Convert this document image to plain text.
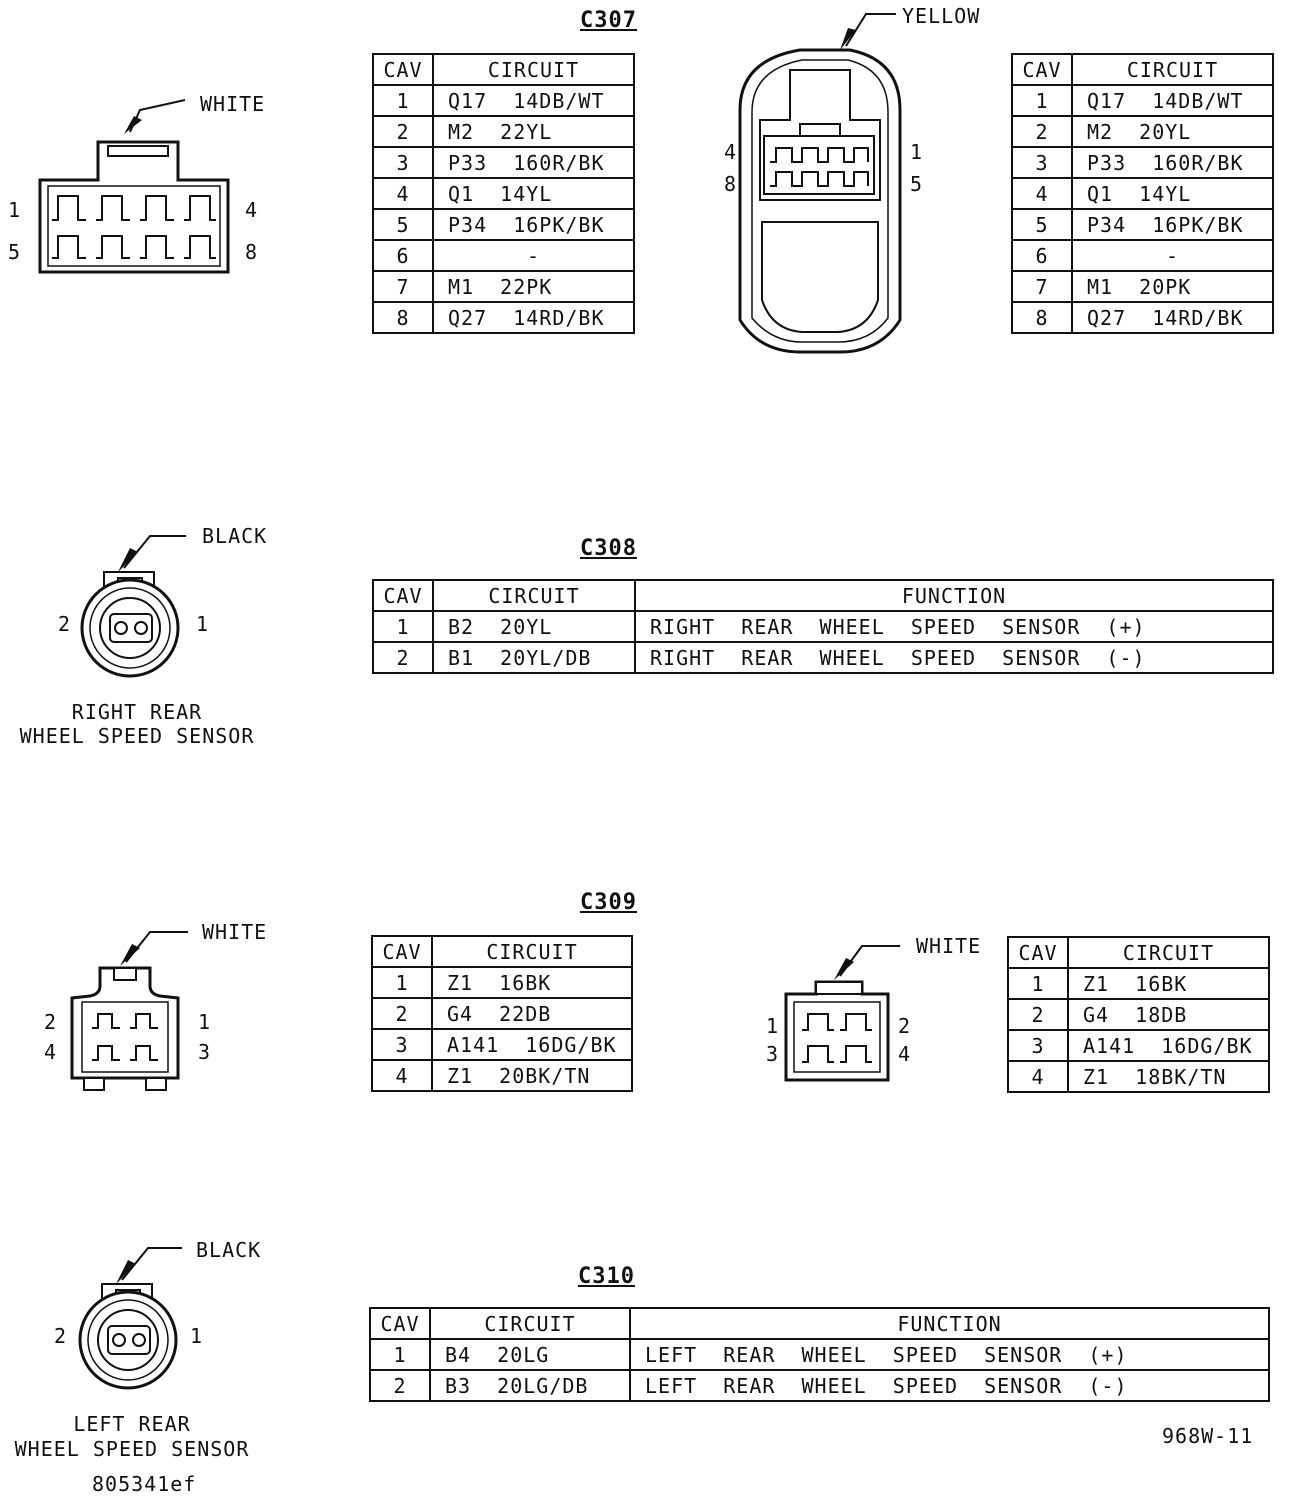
C307
WHITE
1	4
5	8
CAV	CIRCUIT
1	Q17  14DB/WT
2	M2  22YL
3	P33  160R/BK
4	Q1  14YL
5	P34  16PK/BK
6	-
7	M1  22PK
8	Q27  14RD/BK
YELLOW
4	1
8	5
CAV	CIRCUIT
1	Q17  14DB/WT
2	M2  20YL
3	P33  160R/BK
4	Q1  14YL
5	P34  16PK/BK
6	-
7	M1  20PK
8	Q27  14RD/BK
C308
BLACK
2	1
RIGHT REAR
WHEEL SPEED SENSOR
CAV	CIRCUIT	FUNCTION
1	B2  20YL	RIGHT  REAR  WHEEL  SPEED  SENSOR  (+)
2	B1  20YL/DB	RIGHT  REAR  WHEEL  SPEED  SENSOR  (-)
C309
WHITE
2	1
4	3
CAV	CIRCUIT
1	Z1  16BK
2	G4  22DB
3	A141  16DG/BK
4	Z1  20BK/TN
WHITE
1	2
3	4
CAV	CIRCUIT
1	Z1  16BK
2	G4  18DB
3	A141  16DG/BK
4	Z1  18BK/TN
C310
BLACK
2	1
LEFT REAR
WHEEL SPEED SENSOR
CAV	CIRCUIT	FUNCTION
1	B4  20LG	LEFT  REAR  WHEEL  SPEED  SENSOR  (+)
2	B3  20LG/DB	LEFT  REAR  WHEEL  SPEED  SENSOR  (-)
968W-11
805341ef
